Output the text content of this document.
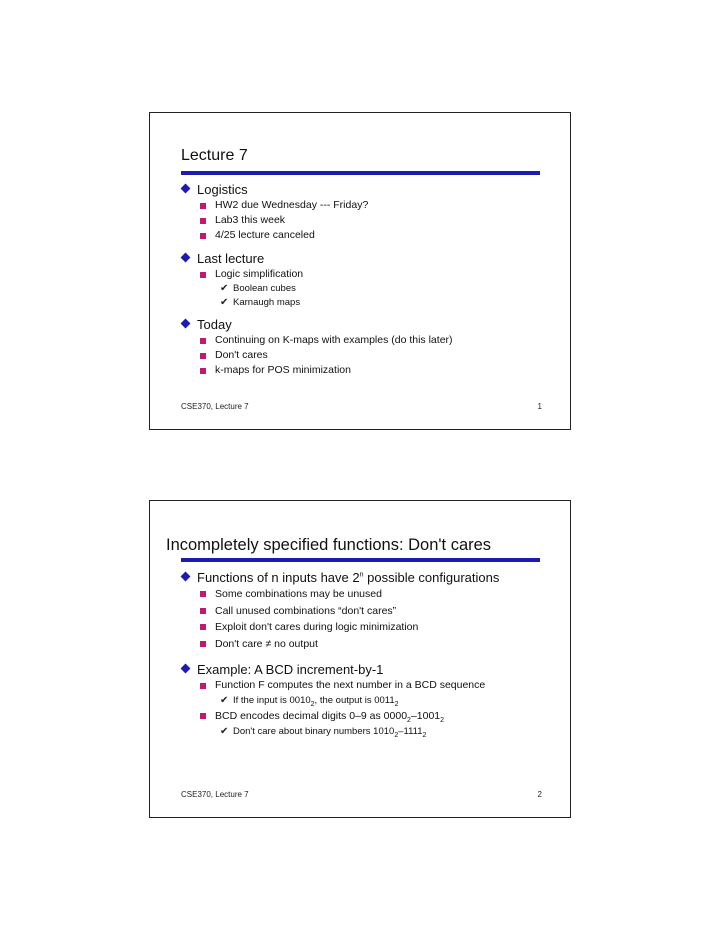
Lecture 7
Logistics
HW2 due Wednesday --- Friday?
Lab3 this week
4/25 lecture canceled
Last lecture
Logic simplification
✔ Boolean cubes
✔ Karnaugh maps
Today
Continuing on K-maps with examples (do this later)
Don't cares
k-maps for POS minimization
CSE370, Lecture 7	1
Incompletely specified functions: Don't cares
Functions of n inputs have 2$^n$ possible configurations
Some combinations may be unused
Call unused combinations “don't cares”
Exploit don't cares during logic minimization
Don't care ≠ no output
Example: A BCD increment-by-1
Function F computes the next number in a BCD sequence
✔ If the input is $0010_2$, the output is $0011_2$
BCD encodes decimal digits 0–9 as $0000_2-1001_2$
✔ Don't care about binary numbers $1010_2-1111_2$
CSE370, Lecture 7	2
